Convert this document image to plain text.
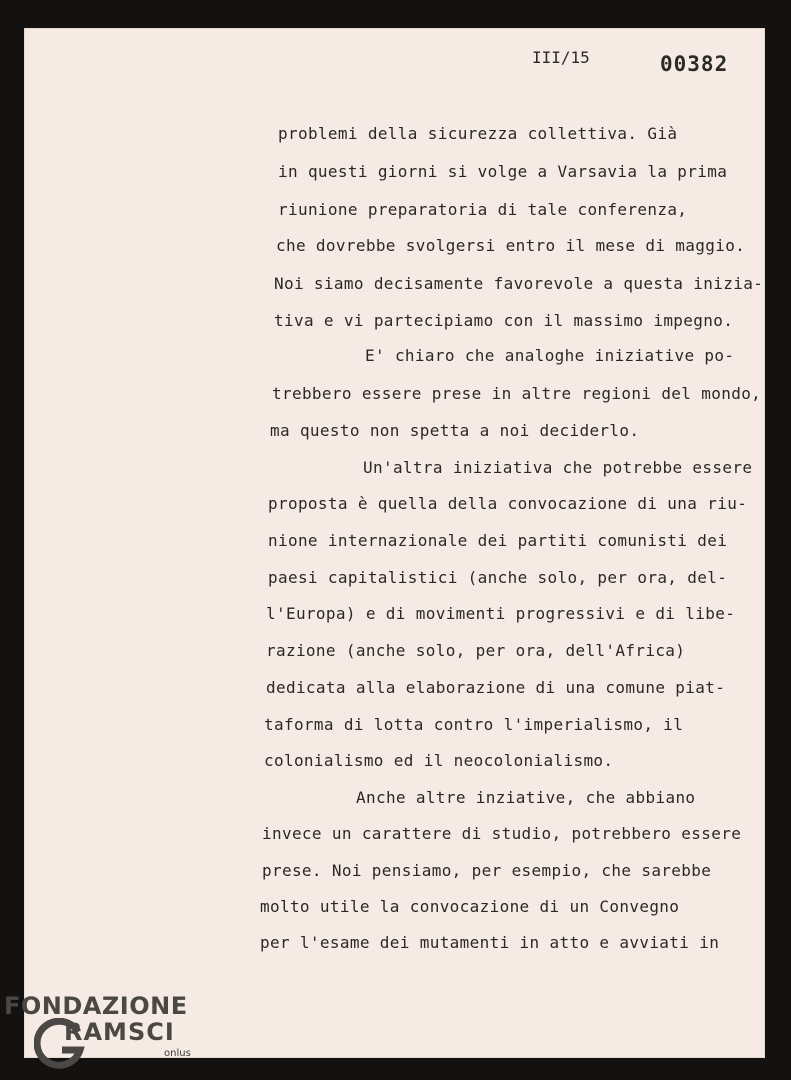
III/15	00382
problemi della sicurezza collettiva. Già
in questi giorni si volge a Varsavia la prima
riunione preparatoria di tale conferenza,
che dovrebbe svolgersi entro il mese di maggio.
Noi siamo decisamente favorevole a questa inizia-
tiva e vi partecipiamo con il massimo impegno.
E' chiaro che analoghe iniziative po-
trebbero essere prese in altre regioni del mondo,
ma questo non spetta a noi deciderlo.
Un'altra iniziativa che potrebbe essere
proposta è quella della convocazione di una riu-
nione internazionale dei partiti comunisti dei
paesi capitalistici (anche solo, per ora, del-
l'Europa) e di movimenti progressivi e di libe-
razione (anche solo, per ora, dell'Africa)
dedicata alla elaborazione di una comune piat-
taforma di lotta contro l'imperialismo, il
colonialismo ed il neocolonialismo.
Anche altre inziative, che abbiano
invece un carattere di studio, potrebbero essere
prese. Noi pensiamo, per esempio, che sarebbe
molto utile la convocazione di un Convegno
per l'esame dei mutamenti in atto e avviati in
FONDAZIONE
RAMSCI
onlus
